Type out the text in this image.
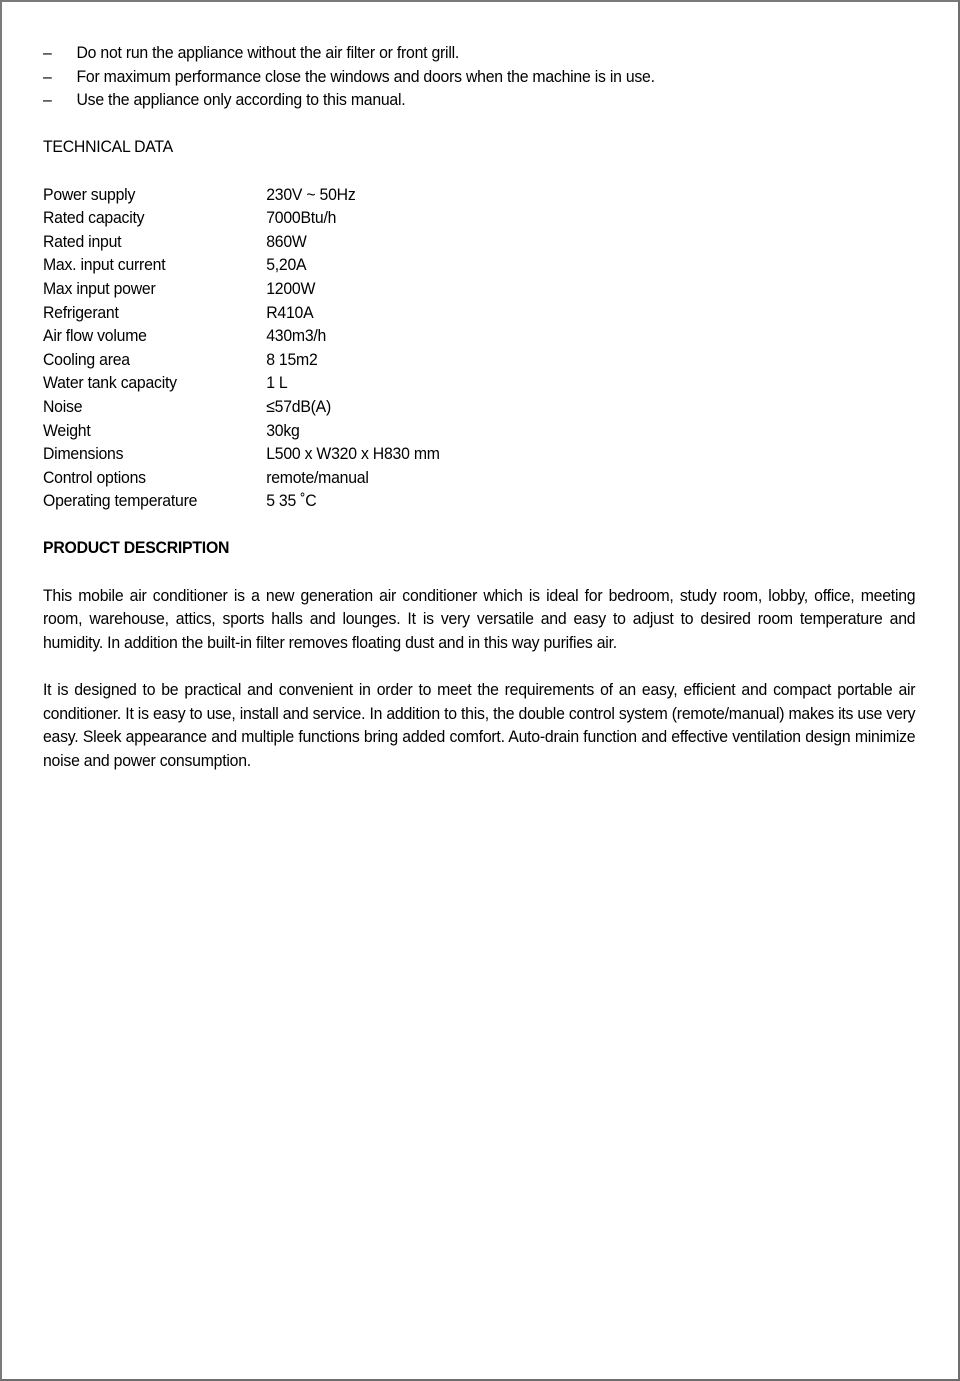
– Do not run the appliance without the air filter or front grill.
– For maximum performance close the windows and doors when the machine is in use.
– Use the appliance only according to this manual.
TECHNICAL DATA
Power supply	230V ~ 50Hz
Rated capacity	7000Btu/h
Rated input	860W
Max. input current	5,20A
Max input power	1200W
Refrigerant	R410A
Air flow volume	430m3/h
Cooling area	8 15m2
Water tank capacity	1 L
Noise	≤57dB(A)
Weight	30kg
Dimensions	L500 x W320 x H830 mm
Control options	remote/manual
Operating temperature	5 35 ˚C
PRODUCT DESCRIPTION

This mobile air conditioner is a new generation air conditioner which is ideal for bedroom, study room, lobby, office, meeting room, warehouse, attics, sports halls and lounges. It is very versatile and easy to adjust to desired room temperature and humidity. In addition the built-in filter removes floating dust and in this way purifies air.

It is designed to be practical and convenient in order to meet the requirements of an easy, efficient and compact portable air conditioner. It is easy to use, install and service. In addition to this, the double control system (remote/manual) makes its use very easy. Sleek appearance and multiple functions bring added comfort. Auto-drain function and effective ventilation design minimize noise and power consumption.
